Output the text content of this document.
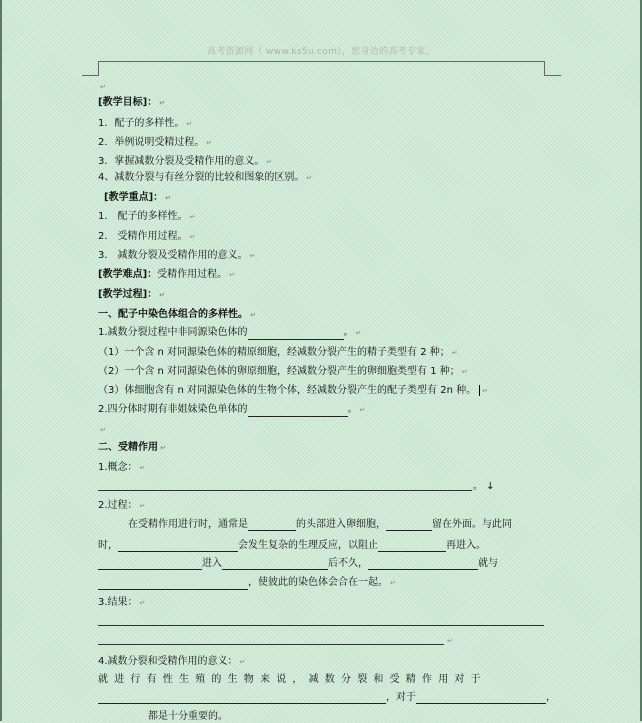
高考资源网（ www.ks5u.com），您身边的高考专家。
↵
[教学目标]： ↵
1．配子的多样性。 ↵
2．举例说明受精过程。 ↵
3．掌握减数分裂及受精作用的意义。 ↵
4、减数分裂与有丝分裂的比较和图象的区别。 ↵
[教学重点]： ↵
1． 配子的多样性。 ↵
2． 受精作用过程。 ↵
3． 减数分裂及受精作用的意义。 ↵
[教学难点]：受精作用过程。 ↵
[教学过程]： ↵
一、配子中染色体组合的多样性。 ↵
1.减数分裂过程中非同源染色体的	。 ↵
（1）一个含 n 对同源染色体的精原细胞，经减数分裂产生的精子类型有 2 种； ↵
（2）一个含 n 对同源染色体的卵原细胞，经减数分裂产生的卵细胞类型有 1 种； ↵
（3）体细胞含有 n 对同源染色体的生物个体，经减数分裂产生的配子类型有 2n 种。 ↵
2.四分体时期有非姐妹染色单体的	。 ↵
↵
二、受精作用 ↵
1.概念： ↵
。 ↓
2.过程： ↵
在受精作用进行时，通常是	的头部进入卵细胞，	留在外面。与此同
时，	会发生复杂的生理反应，以阻止	再进入。
进入	后不久，	就与
，使彼此的染色体会合在一起。 ↵
3.结果： ↵
↵
4.减数分裂和受精作用的意义： ↵
就进行有性生殖的生物来说，减数分裂和受精作用对于
，对于	，
都是十分重要的。
